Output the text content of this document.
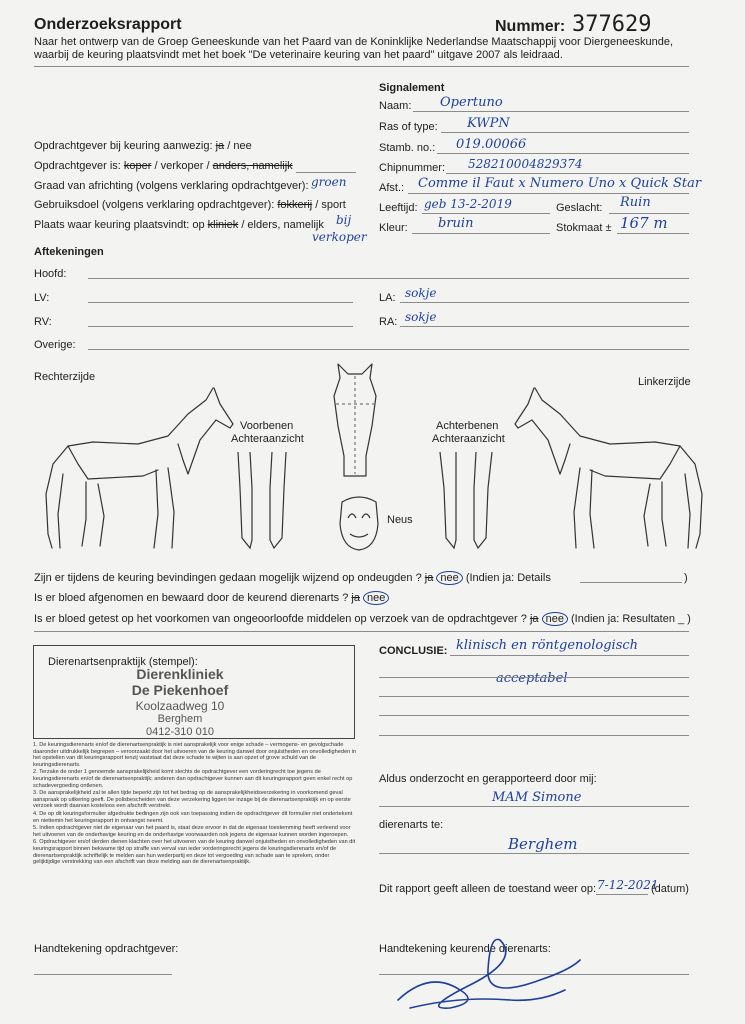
Onderzoeksrapport	Nummer: 377629
Naar het ontwerp van de Groep Geneeskunde van het Paard van de Koninklijke Nederlandse Maatschappij voor Diergeneeskunde,
waarbij de keuring plaatsvindt met het boek "De veterinaire keuring van het paard" uitgave 2007 als leidraad.
Signalement
Naam: Opertuno
Ras of type: KWPN
Stamb. no.: 019.00066
Chipnummer: 528210004829374
Afst.: Comme il Faut x Numero Uno x Quick Star
Leeftijd: geb 13-2-2019	Geslacht: Ruin
Kleur: bruin	Stokmaat ± 167 m
Opdrachtgever bij keuring aanwezig: ja / nee
Opdrachtgever is: koper / verkoper / anders, namelijk
Graad van africhting (volgens verklaring opdrachtgever): groen
Gebruiksdoel (volgens verklaring opdrachtgever): fokkerij / sport
Plaats waar keuring plaatsvindt: op kliniek / elders, namelijk bij
verkoper
Aftekeningen
Hoofd:
LV:	LA: sokje
RV:	RA: sokje
Overige:
Rechterzijde	Linkerzijde
Voorbenen
Achteraanzicht
Achterbenen
Achteraanzicht
Neus
Zijn er tijdens de keuring bevindingen gedaan mogelijk wijzend op ondeugden ? ja nee (Indien ja: Details	)
Is er bloed afgenomen en bewaard door de keurend dierenarts ? ja nee
Is er bloed getest op het voorkomen van ongeoorloofde middelen op verzoek van de opdrachtgever ? ja nee (Indien ja: Resultaten _ )
Dierenartsenpraktijk (stempel):
Dierenkliniek
De Piekenhoef
Koolzaadweg 10
Berghem
0412-310 010

1. De keuringsdierenarts en/of de dierenartsenpraktijk is niet aansprakelijk voor enige schade – vermogens- en gevolgschade daaronder uitdrukkelijk begrepen – veroorzaakt door het uitvoeren van de keuring danwel door onjuistheden en onvolledigheden in het opstellen van dit keuringsrapport tenzij vaststaat dat deze schade te wijten is aan opzet of grove schuld van de keuringsdierenarts.

2. Terzake de onder 1 genoemde aansprakelijkheid komt slechts de opdrachtgever een vorderingrecht toe jegens de keuringsdierenarts en/of de dierenartsenpraktijk; anderen dan opdrachtgever kunnen aan dit keuringsrapport geen enkel recht op schadevergoeding ontlenen.

3. De aansprakelijkheid zal te allen tijde beperkt zijn tot het bedrag op de aansprakelijkheidsverzekering in voorkomend geval aanspraak op uitkering geeft. De polisbescheiden van deze verzekering liggen ter inzage bij de dierenartsenpraktijk en op eerste verzoek wordt daarvan kosteloos een afschrift verstrekt.

4. De op dit keuringsformulier afgedrukte bedingen zijn ook van toepassing indien de opdrachtgever dit formulier niet ondertekent en niettemin het keuringsrapport in ontvangst neemt.

5. Indien opdrachtgever niet de eigenaar van het paard is, staat deze ervoor in dat de eigenaar toestemming heeft verleend voor het uitvoeren van de onderhavige keuring en de onderhavige voorwaarden ook jegens de eigenaar kunnen worden ingeroepen.

6. Opdrachtgever en/of derden dienen klachten over het uitvoeren van de keuring danwel onjuistheden en onvolledigheden van dit keuringsrapport binnen bekwame tijd op straffe van verval van ieder vorderingsrecht jegens de keuringsdierenarts en/of de dierenartsenpraktijk schriftelijk te melden aan hun wederpartij en deze tot vergoeding van schade aan te spreken, onder gelijktijdige verstrekking van een afschrift van deze melding aan de dierenartsenpraktijk.

CONCLUSIE: klinisch en röntgenologisch
acceptabel
Aldus onderzocht en gerapporteerd door mij:
MAM Simone
dierenarts te:
Berghem
Dit rapport geeft alleen de toestand weer op: 7-12-2021
(datum)
Handtekening opdrachtgever:	Handtekening keurende dierenarts:
